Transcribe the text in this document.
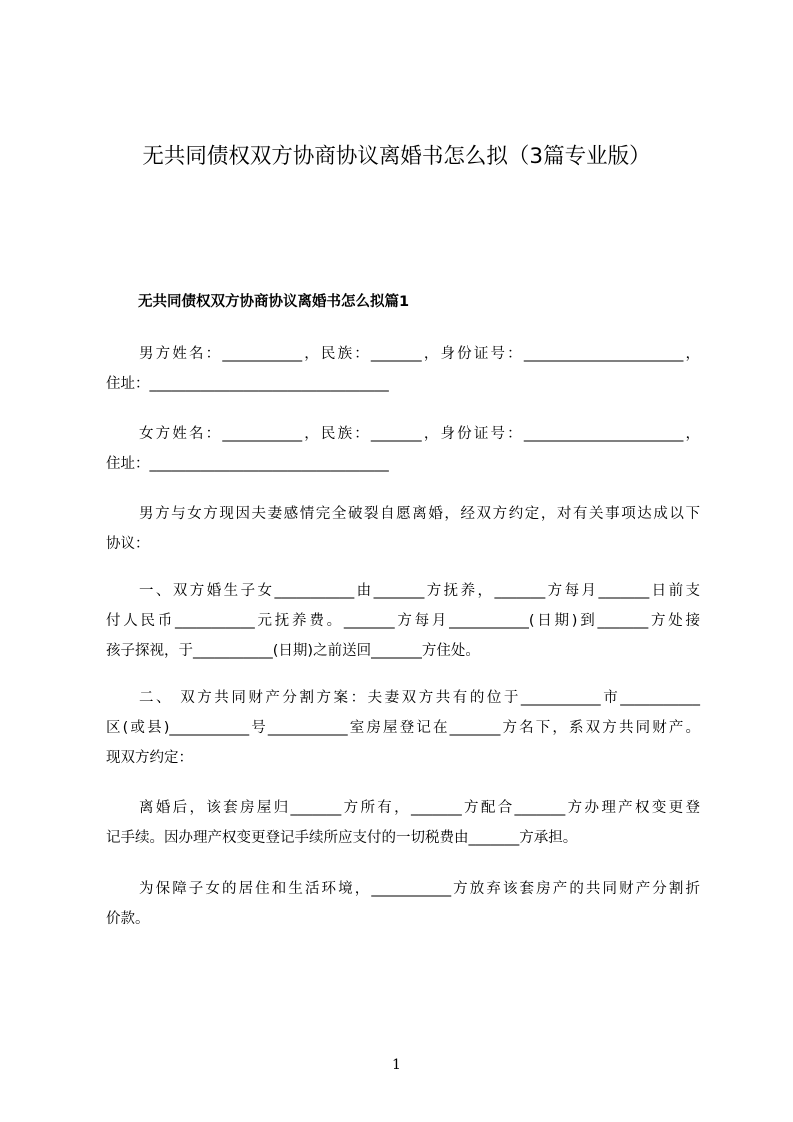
无共同债权双方协商协议离婚书怎么拟（3篇专业版）
无共同债权双方协商协议离婚书怎么拟篇1
男方姓名：___________，民族：_______，身份证号：______________________，
住址：_________________________________
女方姓名：___________，民族：_______，身份证号：______________________，
住址：_________________________________
男方与女方现因夫妻感情完全破裂自愿离婚，经双方约定，对有关事项达成以下
协议：
一、双方婚生子女___________由_______方抚养，_______方每月_______日前支
付人民币___________元抚养费。_______方每月___________(日期)到_______方处接
孩子探视，于___________(日期)之前送回_______方住处。
二、 双方共同财产分割方案：夫妻双方共有的位于___________市___________
区(或县)___________号___________室房屋登记在_______方名下，系双方共同财产。
现双方约定：
离婚后，该套房屋归_______方所有，_______方配合_______方办理产权变更登
记手续。因办理产权变更登记手续所应支付的一切税费由_______方承担。
为保障子女的居住和生活环境，___________方放弃该套房产的共同财产分割折
价款。
1
